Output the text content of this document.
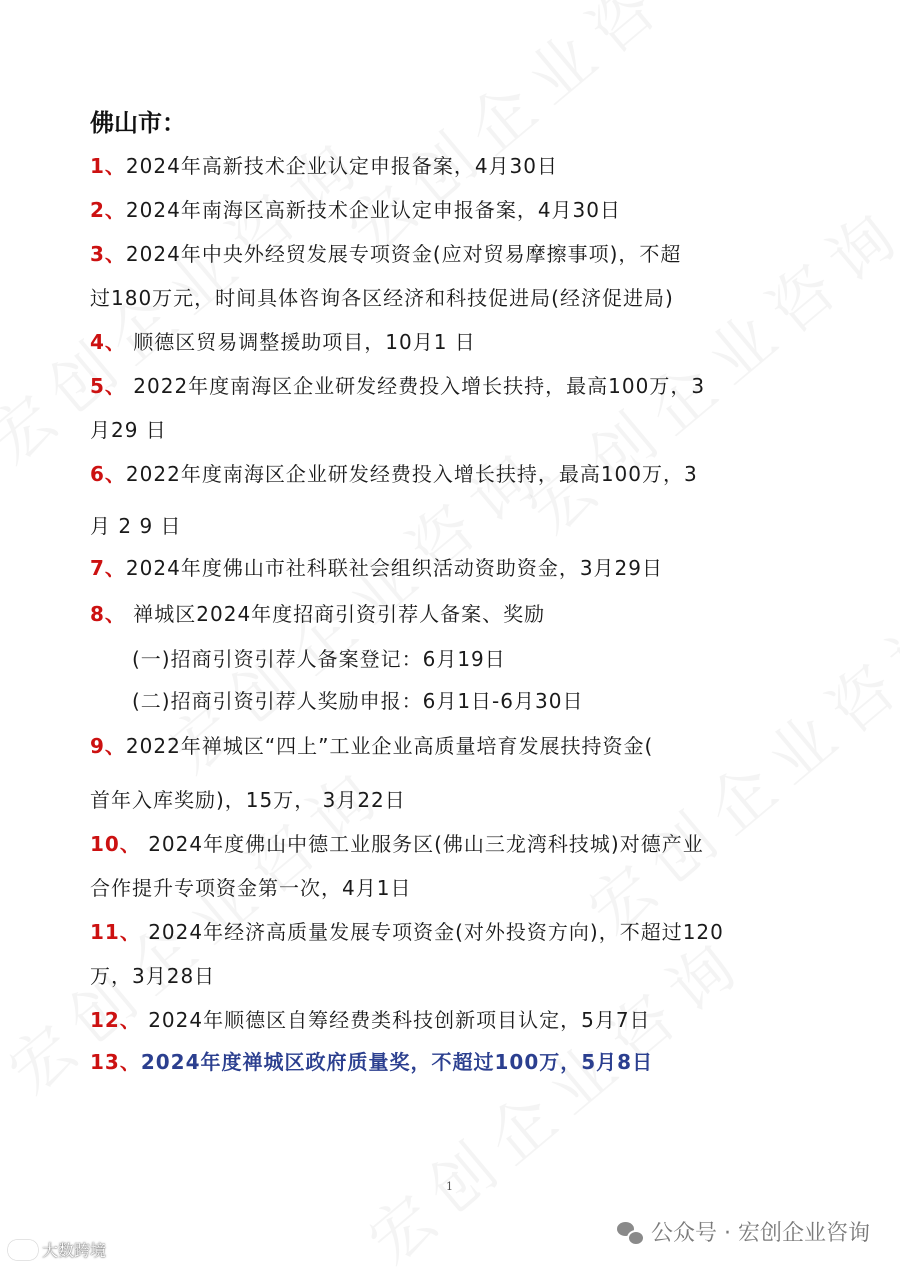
佛山市：
1、2024年高新技术企业认定申报备案，4月30日
2、2024年南海区高新技术企业认定申报备案，4月30日
3、2024年中央外经贸发展专项资金(应对贸易摩擦事项)，不超
过180万元，时间具体咨询各区经济和科技促进局(经济促进局)
4、 顺德区贸易调整援助项目，10月1 日
5、 2022年度南海区企业研发经费投入增长扶持，最高100万，3
月29 日
6、2022年度南海区企业研发经费投入增长扶持，最高100万，3
月 2 9 日
7、2024年度佛山市社科联社会组织活动资助资金，3月29日
8、 禅城区2024年度招商引资引荐人备案、奖励
(一)招商引资引荐人备案登记：6月19日
(二)招商引资引荐人奖励申报：6月1日-6月30日
9、2022年禅城区“四上”工业企业高质量培育发展扶持资金(
首年入库奖励)，15万， 3月22日
10、 2024年度佛山中德工业服务区(佛山三龙湾科技城)对德产业
合作提升专项资金第一次，4月1日
11、 2024年经济高质量发展专项资金(对外投资方向)，不超过120
万，3月28日
12、 2024年顺德区自筹经费类科技创新项目认定，5月7日
13、2024年度禅城区政府质量奖，不超过100万，5月8日
1
公众号 · 宏创企业咨询
大数跨境
